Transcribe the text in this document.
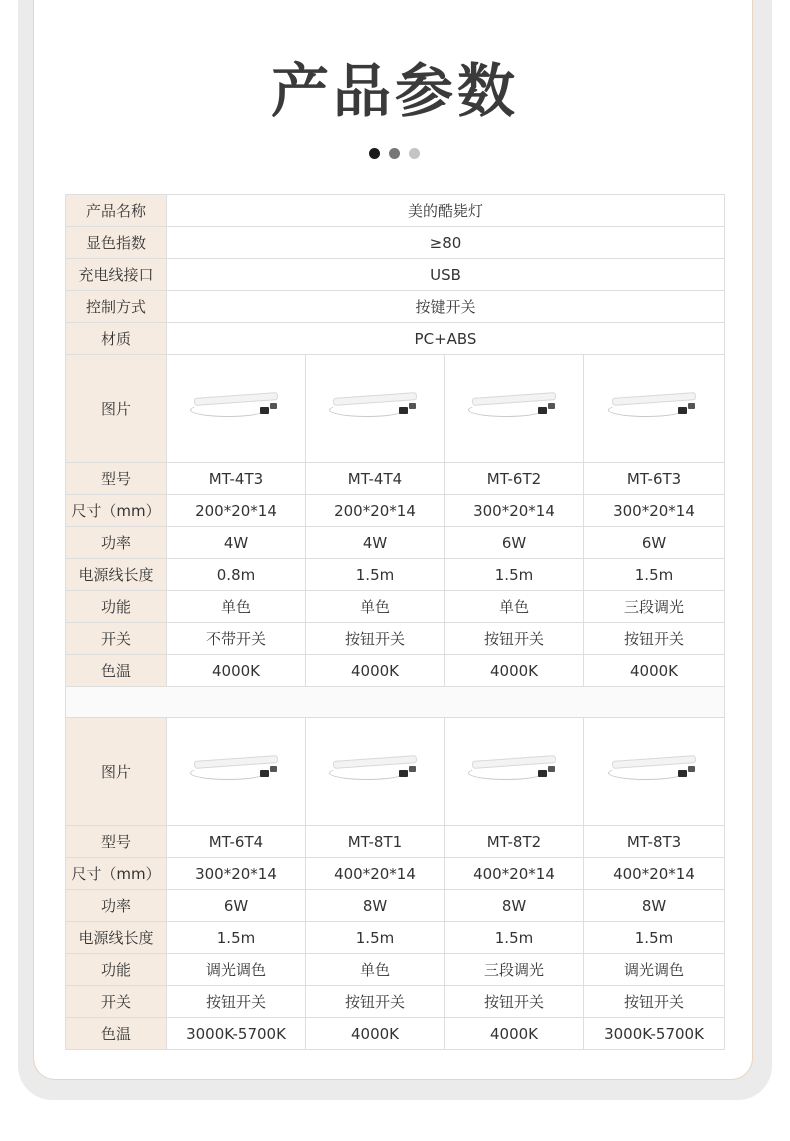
产品参数
产品名称	美的酷毙灯			
显色指数	≥80			
充电线接口	USB			
控制方式	按键开关			
材质	PC+ABS			
图片	

型号	MT-4T3	MT-4T4	MT-6T2	MT-6T3
尺寸（mm）	200*20*14	200*20*14	300*20*14	300*20*14
功率	4W	4W	6W	6W
电源线长度	0.8m	1.5m	1.5m	1.5m
功能	单色	单色	单色	三段调光
开关	不带开关	按钮开关	按钮开关	按钮开关
色温	4000K	4000K	4000K	4000K

图片	

型号	MT-6T4	MT-8T1	MT-8T2	MT-8T3
尺寸（mm）	300*20*14	400*20*14	400*20*14	400*20*14
功率	6W	8W	8W	8W
电源线长度	1.5m	1.5m	1.5m	1.5m
功能	调光调色	单色	三段调光	调光调色
开关	按钮开关	按钮开关	按钮开关	按钮开关
色温	3000K-5700K	4000K	4000K	3000K-5700K
